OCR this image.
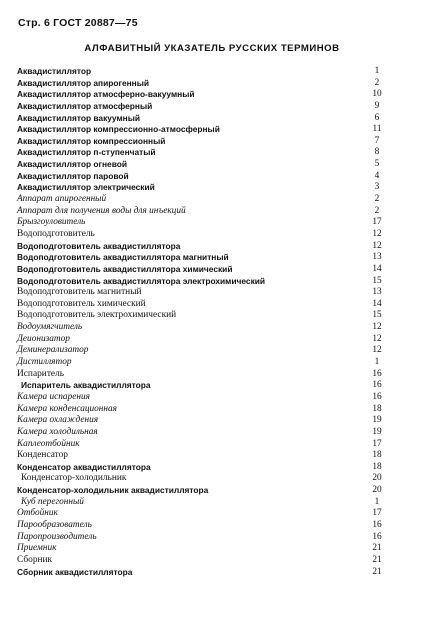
Стр. 6 ГОСТ 20887—75
АЛФАВИТНЫЙ УКАЗАТЕЛЬ РУССКИХ ТЕРМИНОВ
Аквадистиллятор	1
Аквадистиллятор апирогенный	2
Аквадистиллятор атмосферно-вакуумный	10
Аквадистиллятор атмосферный	9
Аквадистиллятор вакуумный	6
Аквадистиллятор компрессионно-атмосферный	11
Аквадистиллятор компрессионный	7
Аквадистиллятор п-ступенчатый	8
Аквадистиллятор огневой	5
Аквадистиллятор паровой	4
Аквадистиллятор электрический	3
Аппарат апирогенный	2
Аппарат для получения воды для инъекций	2
Брызгоуловитель	17
Водоподготовитель	12
Водоподготовитель аквадистиллятора	12
Водоподготовитель аквадистиллятора магнитный	13
Водоподготовитель аквадистиллятора химический	14
Водоподготовитель аквадистиллятора электрохимический	15
Водоподготовитель магнитный	13
Водоподготовитель химический	14
Водоподготовитель электрохимический	15
Водоумягчитель	12
Деионизатор	12
Деминерализатор	12
Дистиллятор	1
Испаритель	16
Испаритель аквадистиллятора	16
Камера испарения	16
Камера конденсационная	18
Камера охлаждения	19
Камера холодильная	19
Каплеотбойник	17
Конденсатор	18
Конденсатор аквадистиллятора	18
Конденсатор-холодильник	20
Конденсатор-холодильник аквадистиллятора	20
Куб перегонный	1
Отбойник	17
Парообразователь	16
Паропроизводитель	16
Приемник	21
Сборник	21
Сборник аквадистиллятора	21
